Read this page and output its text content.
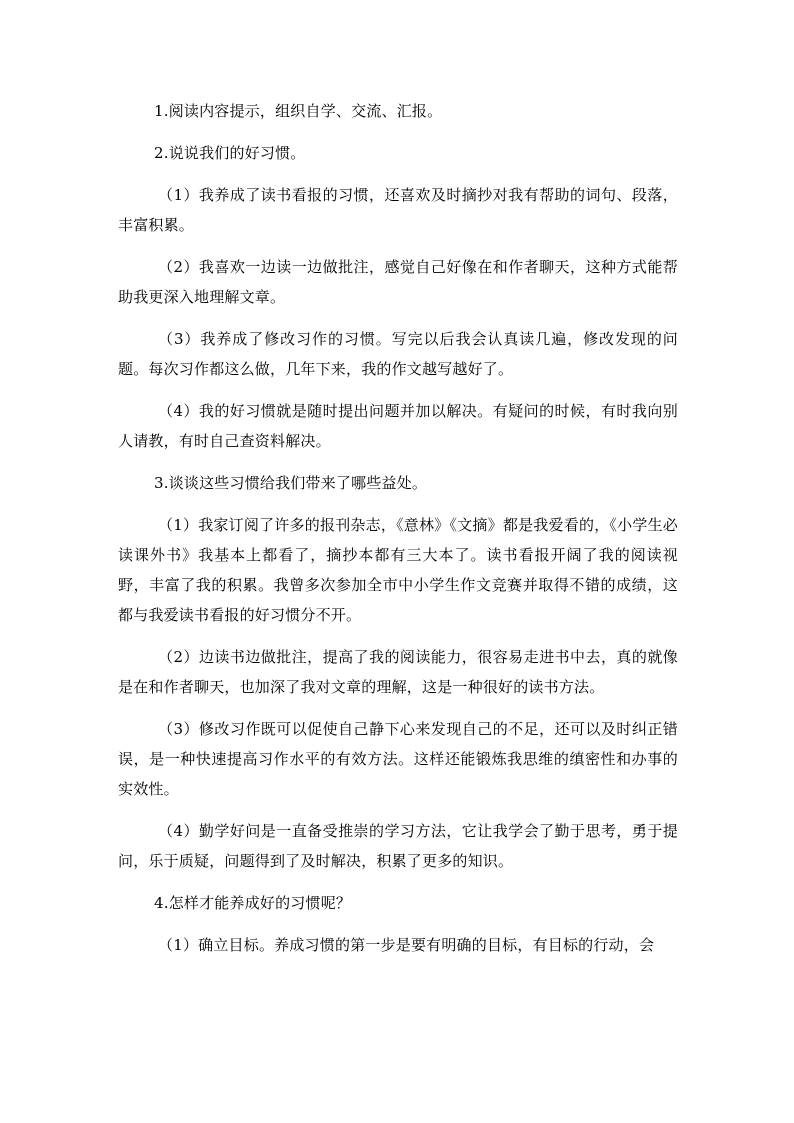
1.阅读内容提示，组织自学、交流、汇报。

2.说说我们的好习惯。

（1）我养成了读书看报的习惯，还喜欢及时摘抄对我有帮助的词句、段落，丰富积累。

（2）我喜欢一边读一边做批注，感觉自己好像在和作者聊天，这种方式能帮助我更深入地理解文章。

（3）我养成了修改习作的习惯。写完以后我会认真读几遍，修改发现的问题。每次习作都这么做，几年下来，我的作文越写越好了。

（4）我的好习惯就是随时提出问题并加以解决。有疑问的时候，有时我向别人请教，有时自己查资料解决。

3.谈谈这些习惯给我们带来了哪些益处。

（1）我家订阅了许多的报刊杂志，《意林》《文摘》都是我爱看的，《小学生必读课外书》我基本上都看了，摘抄本都有三大本了。读书看报开阔了我的阅读视野，丰富了我的积累。我曾多次参加全市中小学生作文竞赛并取得不错的成绩，这都与我爱读书看报的好习惯分不开。

（2）边读书边做批注，提高了我的阅读能力，很容易走进书中去，真的就像是在和作者聊天，也加深了我对文章的理解，这是一种很好的读书方法。

（3）修改习作既可以促使自己静下心来发现自己的不足，还可以及时纠正错误，是一种快速提高习作水平的有效方法。这样还能锻炼我思维的缜密性和办事的实效性。

（4）勤学好问是一直备受推崇的学习方法，它让我学会了勤于思考，勇于提问，乐于质疑，问题得到了及时解决，积累了更多的知识。

4.怎样才能养成好的习惯呢？

（1）确立目标。养成习惯的第一步是要有明确的目标，有目标的行动，会
